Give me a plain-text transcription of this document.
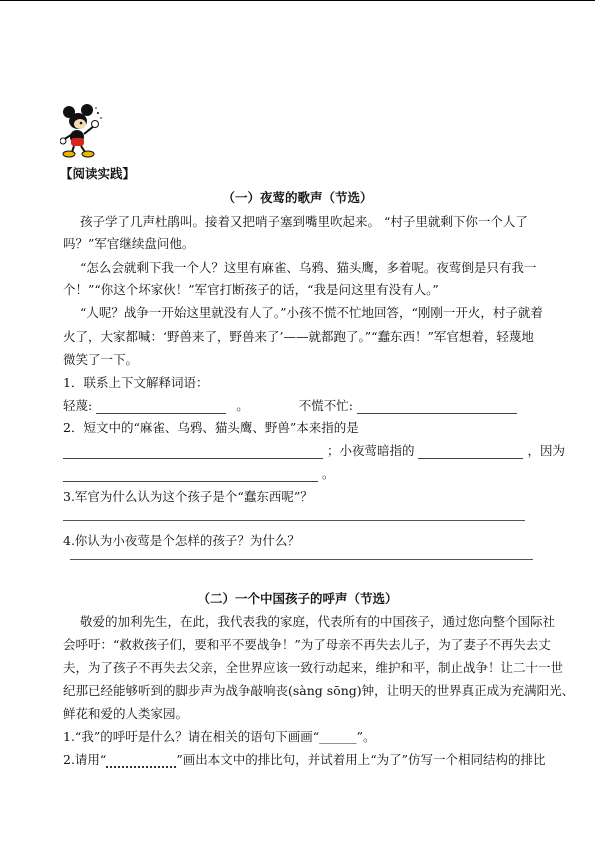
【阅读实践】
（一）夜莺的歌声（节选）
孩子学了几声杜鹃叫。接着又把哨子塞到嘴里吹起来。 “村子里就剩下你一个人了
吗？”军官继续盘问他。
“怎么会就剩下我一个人？这里有麻雀、乌鸦、猫头鹰，多着呢。夜莺倒是只有我一
个！”“你这个坏家伙！”军官打断孩子的话，“我是问这里有没有人。”
“人呢？战争一开始这里就没有人了。”小孩不慌不忙地回答，“刚刚一开火，村子就着
火了，大家都喊：‘野兽来了，野兽来了’——就都跑了。”“蠢东西！”军官想着，轻蔑地
微笑了一下。
1．联系上下文解释词语：
轻蔑:	。	不慌不忙:
2．短文中的“麻雀、乌鸦、猫头鹰、野兽”本来指的是
；小夜莺暗指的	，因为
。
3.军官为什么认为这个孩子是个“蠢东西呢”？
4.你认为小夜莺是个怎样的孩子？为什么？
（二）一个中国孩子的呼声（节选）
敬爱的加利先生，在此，我代表我的家庭，代表所有的中国孩子，通过您向整个国际社
会呼吁：“救救孩子们，要和平不要战争！”为了母亲不再失去儿子，为了妻子不再失去丈
夫，为了孩子不再失去父亲，全世界应该一致行动起来，维护和平，制止战争！让二十一世
纪那已经能够听到的脚步声为战争敲响丧(sàng sōng)钟，让明天的世界真正成为充满阳光、
鲜花和爱的人类家园。
1.“我”的呼吁是什么？请在相关的语句下画画“______”。
2.请用“	”画出本文中的排比句，并试着用上“为了”仿写一个相同结构的排比
